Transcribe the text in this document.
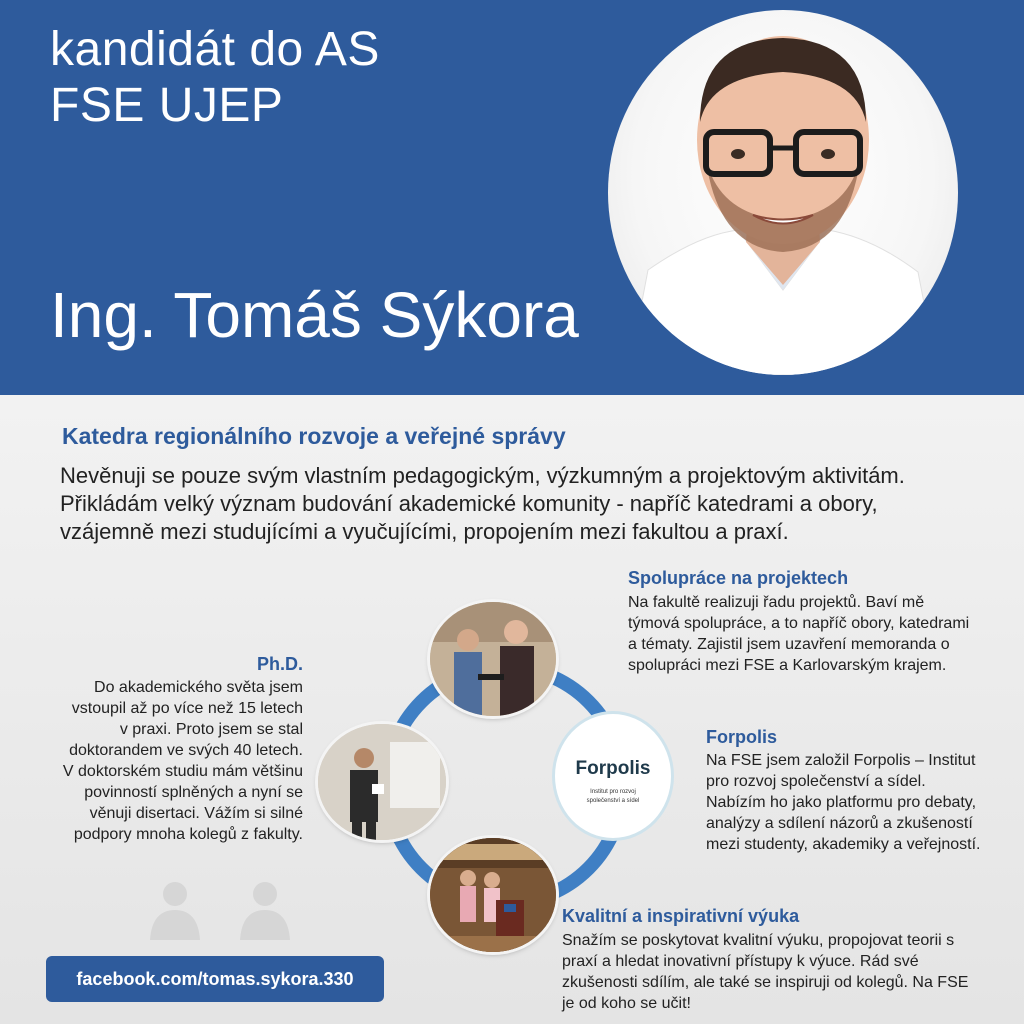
kandidát do AS
FSE UJEP
Ing. Tomáš Sýkora
Katedra regionálního rozvoje a veřejné správy
Nevěnuji se pouze svým vlastním pedagogickým, výzkumným a projektovým aktivitám. Přikládám velký význam budování akademické komunity - napříč katedrami a obory, vzájemně mezi studujícími a vyučujícími, propojením mezi fakultou a praxí.
Forpolis
Institut pro rozvoj
společenství a sídel
Ph.D.
Do akademického světa jsem vstoupil až po více než 15 letech v praxi. Proto jsem se stal doktorandem ve svých 40 letech. V doktorském studiu mám většinu povinností splněných a nyní se věnuji disertaci. Vážím si silné podpory mnoha kolegů z fakulty.
Spolupráce na projektech
Na fakultě realizuji řadu projektů. Baví mě týmová spolupráce, a to napříč obory, katedrami a tématy. Zajistil jsem uzavření memoranda o spolupráci mezi FSE a Karlovarským krajem.
Forpolis
Na FSE jsem založil Forpolis – Institut pro rozvoj společenství a sídel. Nabízím ho jako platformu pro debaty, analýzy a sdílení názorů a zkušeností mezi studenty, akademiky a veřejností.
Kvalitní a inspirativní výuka
Snažím se poskytovat kvalitní výuku, propojovat teorii s praxí a hledat inovativní přístupy k výuce. Rád své zkušenosti sdílím, ale také se inspiruji od kolegů. Na FSE je od koho se učit!
facebook.com/tomas.sykora.330
